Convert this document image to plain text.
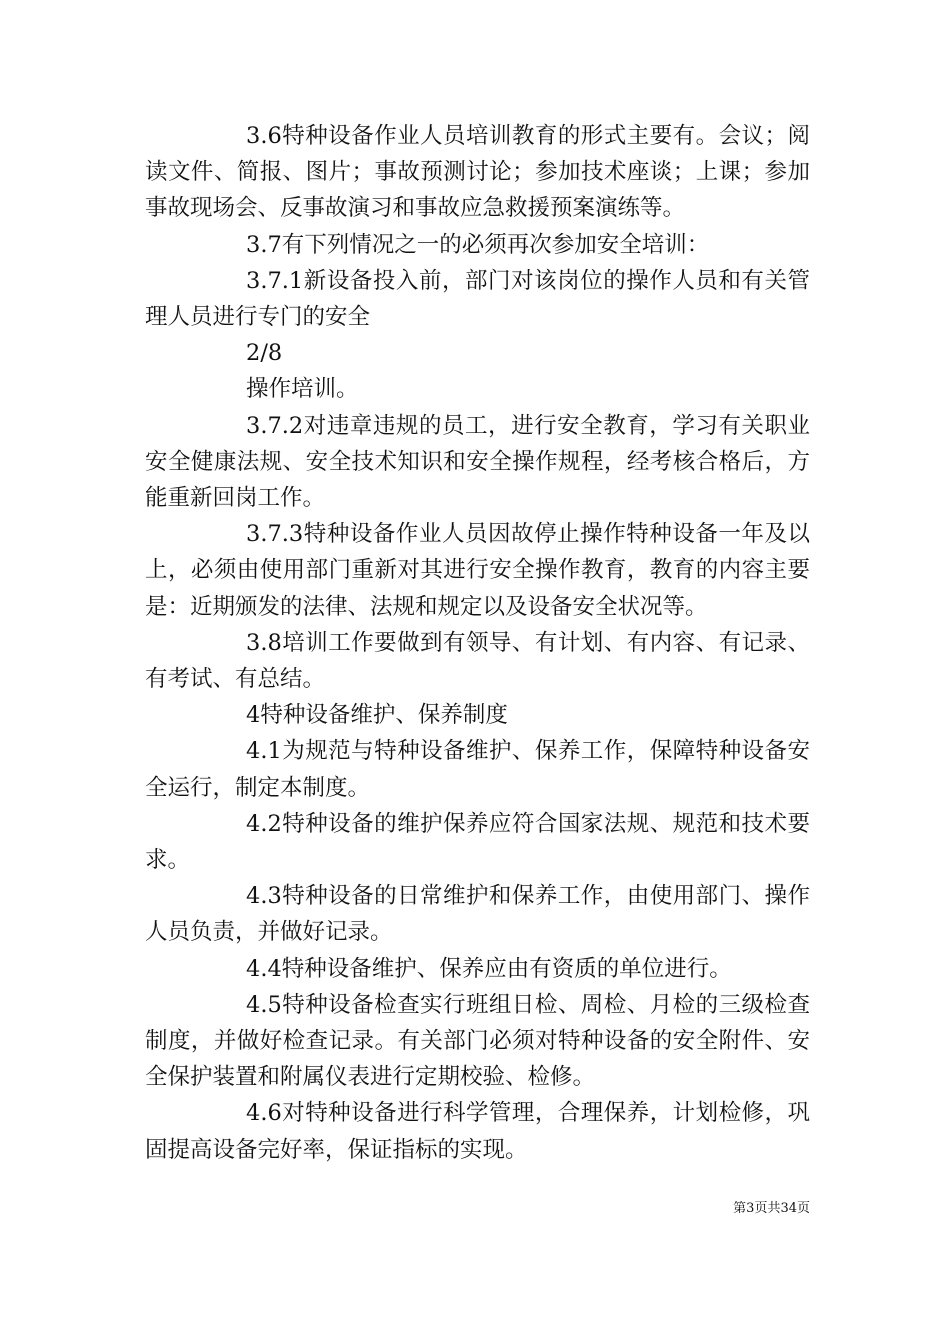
3.6特种设备作业人员培训教育的形式主要有。会议；阅读文件、简报、图片；事故预测讨论；参加技术座谈；上课；参加事故现场会、反事故演习和事故应急救援预案演练等。

3.7有下列情况之一的必须再次参加安全培训：

3.7.1新设备投入前，部门对该岗位的操作人员和有关管理人员进行专门的安全

2/8

操作培训。

3.7.2对违章违规的员工，进行安全教育，学习有关职业安全健康法规、安全技术知识和安全操作规程，经考核合格后，方能重新回岗工作。

3.7.3特种设备作业人员因故停止操作特种设备一年及以上，必须由使用部门重新对其进行安全操作教育，教育的内容主要是：近期颁发的法律、法规和规定以及设备安全状况等。

3.8培训工作要做到有领导、有计划、有内容、有记录、有考试、有总结。

4特种设备维护、保养制度

4.1为规范与特种设备维护、保养工作，保障特种设备安全运行，制定本制度。

4.2特种设备的维护保养应符合国家法规、规范和技术要求。

4.3特种设备的日常维护和保养工作，由使用部门、操作人员负责，并做好记录。

4.4特种设备维护、保养应由有资质的单位进行。

4.5特种设备检查实行班组日检、周检、月检的三级检查制度，并做好检查记录。有关部门必须对特种设备的安全附件、安全保护装置和附属仪表进行定期校验、检修。

4.6对特种设备进行科学管理，合理保养，计划检修，巩固提高设备完好率，保证指标的实现。

第3页共34页
